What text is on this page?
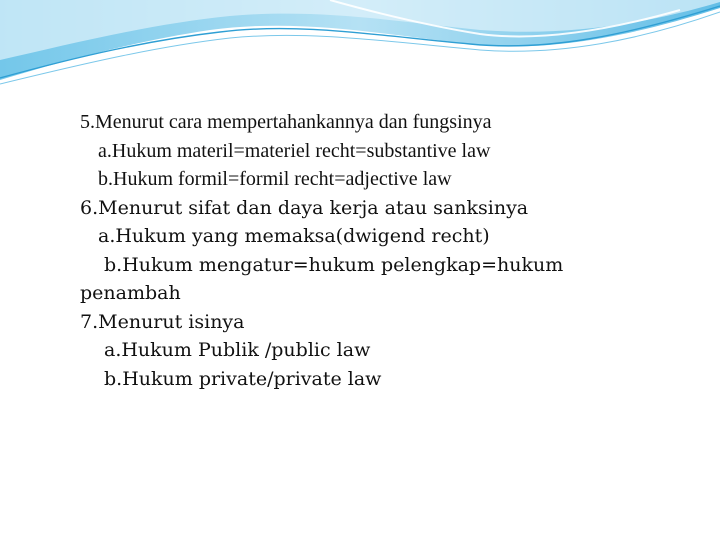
5.Menurut cara mempertahankannya dan fungsinya

a.Hukum materil=materiel recht=substantive law

b.Hukum formil=formil recht=adjective law

6.Menurut sifat dan daya kerja atau sanksinya

a.Hukum yang memaksa(dwigend recht)

b.Hukum mengatur=hukum pelengkap=hukum

penambah

7.Menurut isinya

a.Hukum Publik /public law

b.Hukum private/private law
